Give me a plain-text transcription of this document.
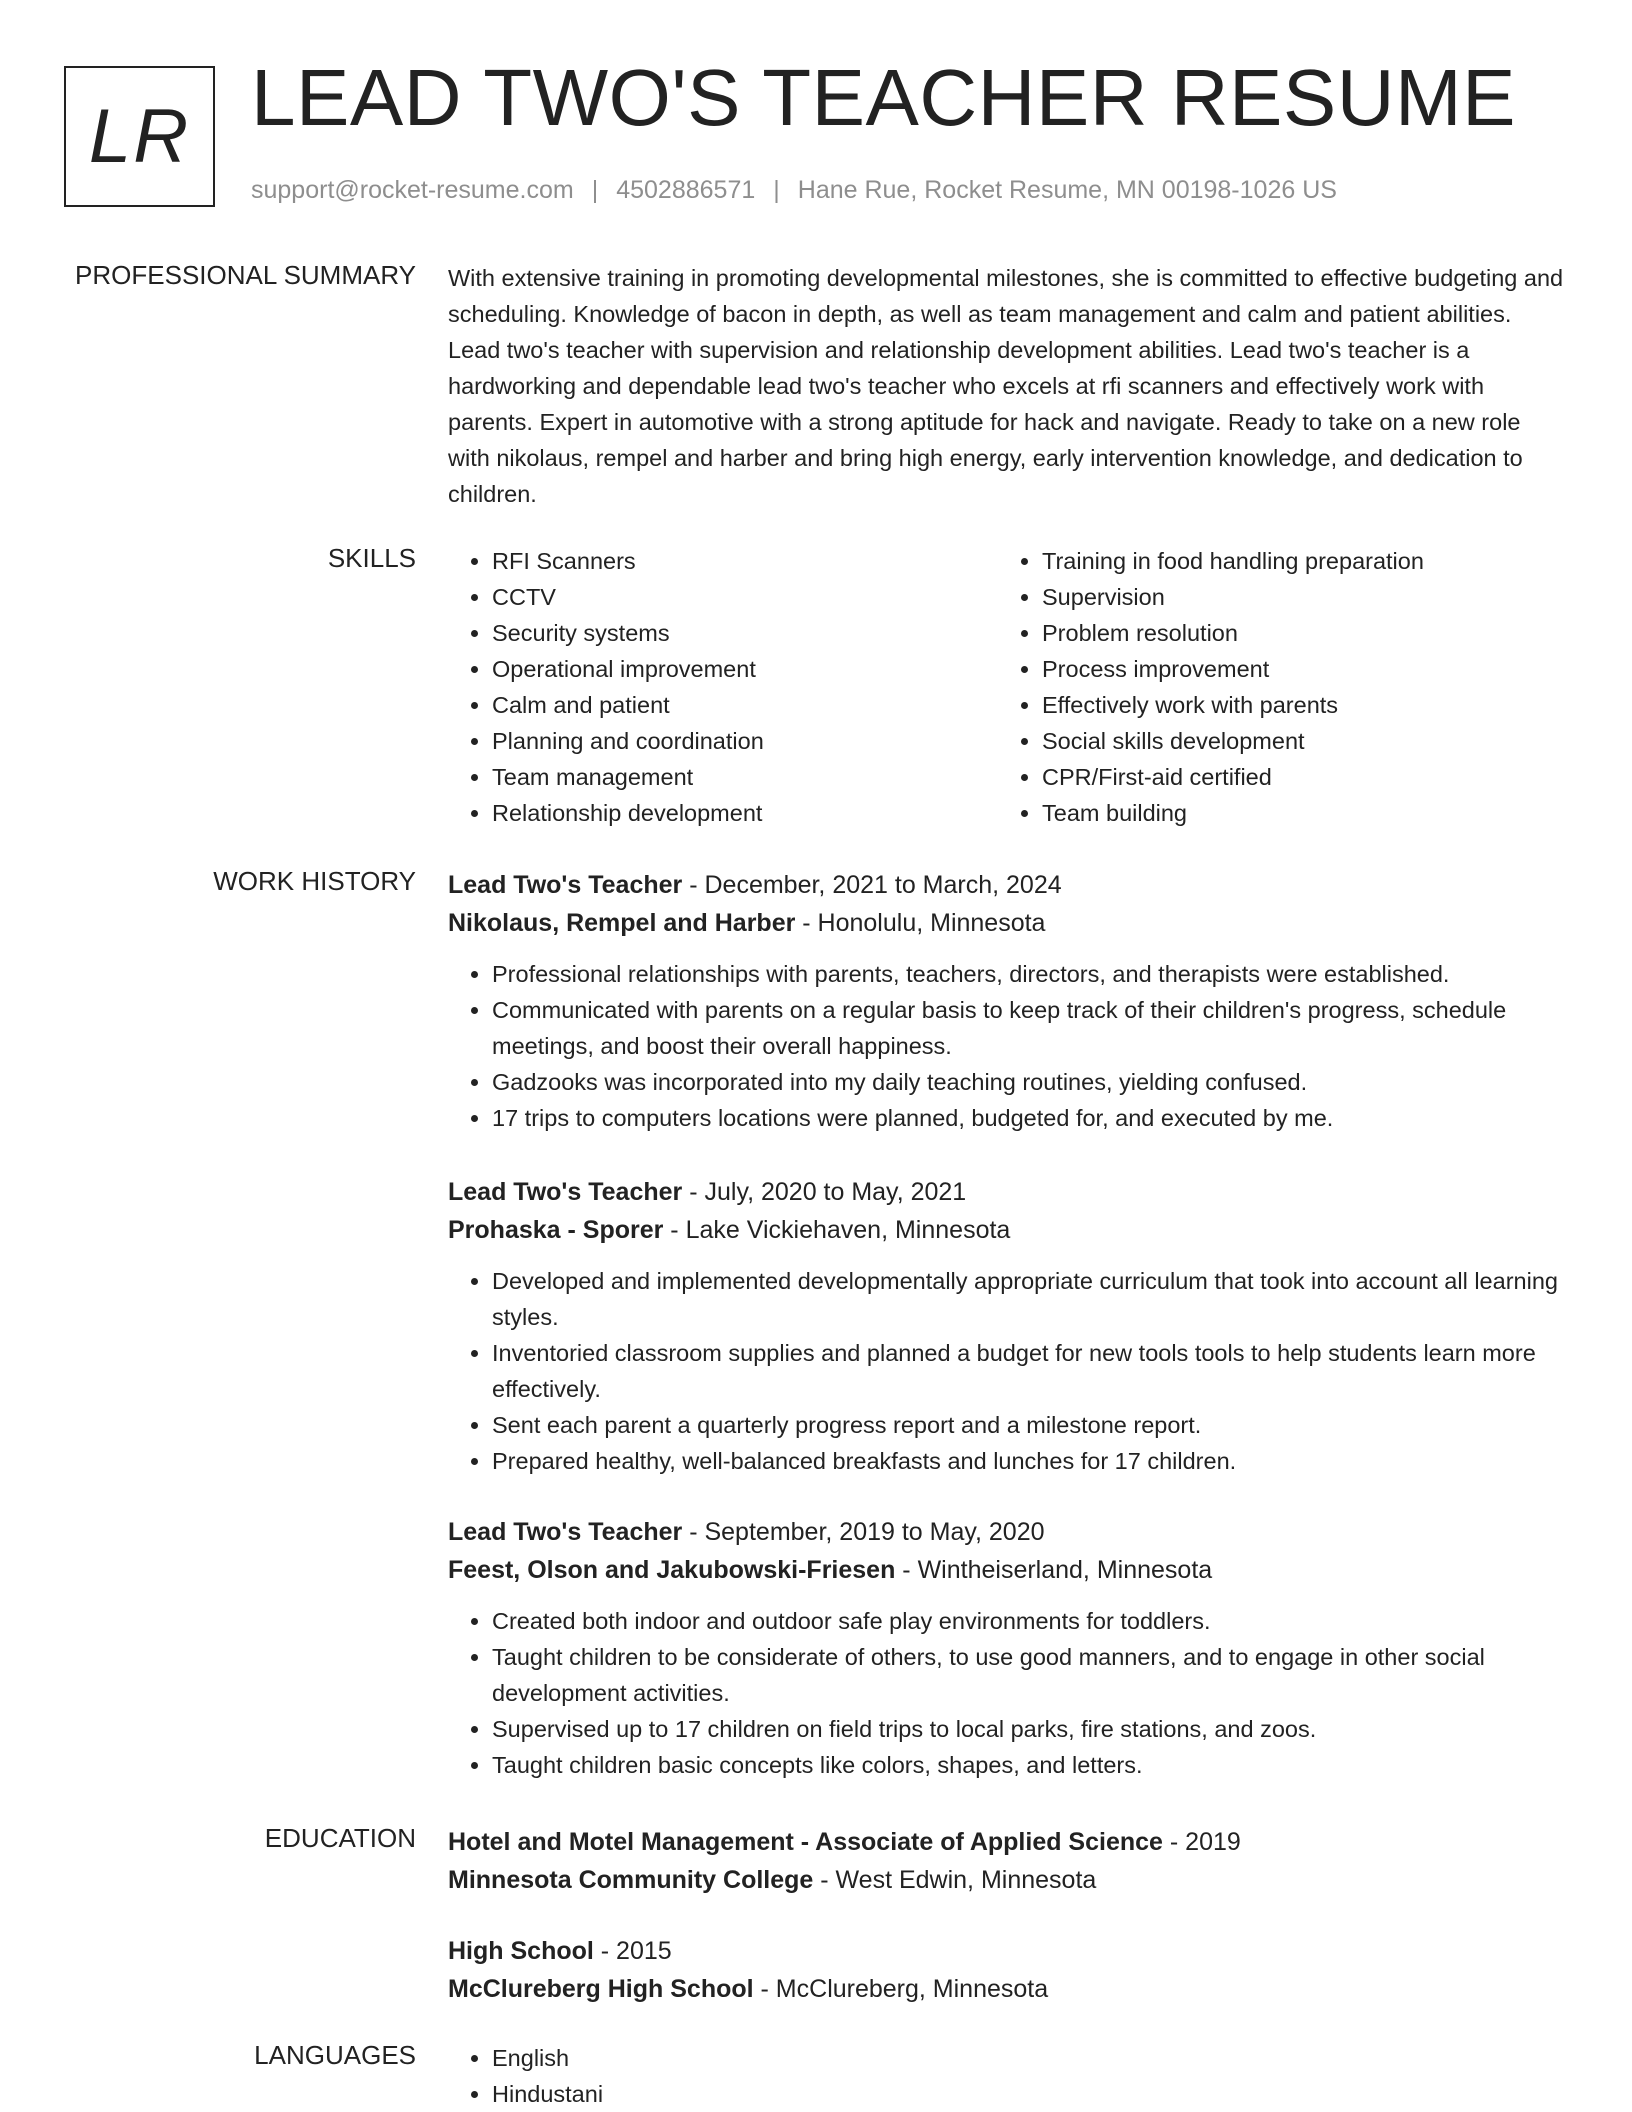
LR LEAD TWO'S TEACHER RESUME
support@rocket-resume.com | 4502886571 | Hane Rue, Rocket Resume, MN 00198-1026 US
PROFESSIONAL SUMMARY With extensive training in promoting developmental milestones, she is committed to effective budgeting and scheduling. Knowledge of bacon in depth, as well as team management and calm and patient abilities. Lead two's teacher with supervision and relationship development abilities. Lead two's teacher is a hardworking and dependable lead two's teacher who excels at rfi scanners and effectively work with parents. Expert in automotive with a strong aptitude for hack and navigate. Ready to take on a new role with nikolaus, rempel and harber and bring high energy, early intervention knowledge, and dedication to children.

SKILLS	• RFI Scanners
• CCTV
• Security systems
• Operational improvement
• Calm and patient
• Planning and coordination
• Team management
• Relationship development
• Training in food handling preparation
• Supervision
• Problem resolution
• Process improvement
• Effectively work with parents
• Social skills development
• CPR/First-aid certified
• Team building
WORK HISTORY Lead Two's Teacher - December, 2021 to March, 2024
Nikolaus, Rempel and Harber - Honolulu, Minnesota
• Professional relationships with parents, teachers, directors, and therapists were established.
• Communicated with parents on a regular basis to keep track of their children's progress, schedule meetings, and boost their overall happiness.
• Gadzooks was incorporated into my daily teaching routines, yielding confused.
• 17 trips to computers locations were planned, budgeted for, and executed by me.
Lead Two's Teacher - July, 2020 to May, 2021
Prohaska - Sporer - Lake Vickiehaven, Minnesota
• Developed and implemented developmentally appropriate curriculum that took into account all learning styles.
• Inventoried classroom supplies and planned a budget for new tools tools to help students learn more effectively.
• Sent each parent a quarterly progress report and a milestone report.
• Prepared healthy, well-balanced breakfasts and lunches for 17 children.
Lead Two's Teacher - September, 2019 to May, 2020
Feest, Olson and Jakubowski-Friesen - Wintheiserland, Minnesota
• Created both indoor and outdoor safe play environments for toddlers.
• Taught children to be considerate of others, to use good manners, and to engage in other social development activities.
• Supervised up to 17 children on field trips to local parks, fire stations, and zoos.
• Taught children basic concepts like colors, shapes, and letters.
EDUCATION Hotel and Motel Management - Associate of Applied Science - 2019
Minnesota Community College - West Edwin, Minnesota
High School - 2015
McClureberg High School - McClureberg, Minnesota
LANGUAGES	• English
• Hindustani
